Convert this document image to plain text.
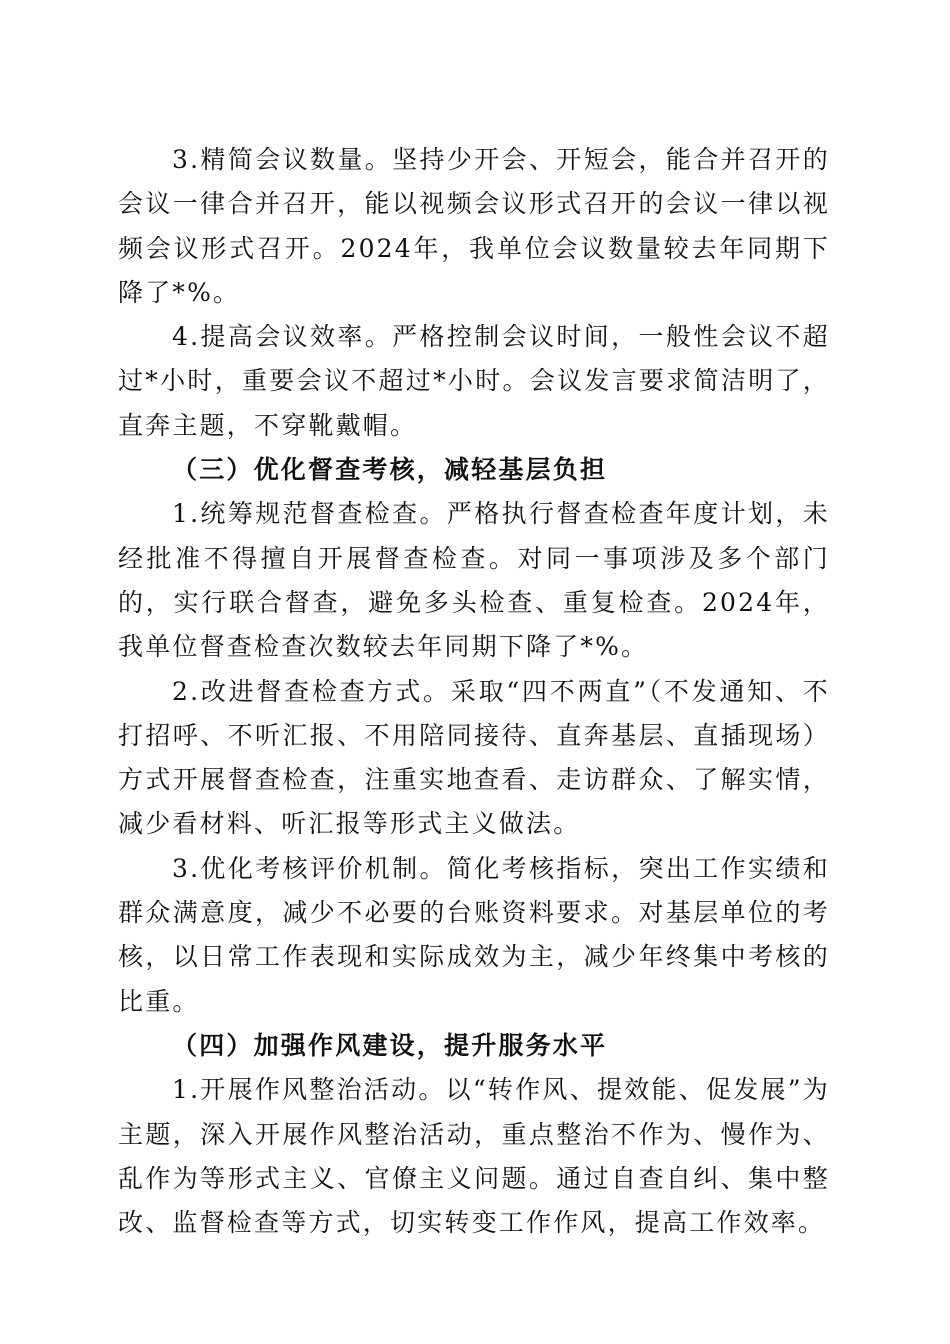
3.精简会议数量。坚持少开会、开短会，能合并召开的会议一律合并召开，能以视频会议形式召开的会议一律以视频会议形式召开。2024年，我单位会议数量较去年同期下降了*%。

4.提高会议效率。严格控制会议时间，一般性会议不超过*小时，重要会议不超过*小时。会议发言要求简洁明了，直奔主题，不穿靴戴帽。

（三）优化督查考核，减轻基层负担

1.统筹规范督查检查。严格执行督查检查年度计划，未经批准不得擅自开展督查检查。对同一事项涉及多个部门的，实行联合督查，避免多头检查、重复检查。2024年，我单位督查检查次数较去年同期下降了*%。

2.改进督查检查方式。采取“四不两直”（不发通知、不打招呼、不听汇报、不用陪同接待、直奔基层、直插现场）方式开展督查检查，注重实地查看、走访群众、了解实情，减少看材料、听汇报等形式主义做法。

3.优化考核评价机制。简化考核指标，突出工作实绩和群众满意度，减少不必要的台账资料要求。对基层单位的考核，以日常工作表现和实际成效为主，减少年终集中考核的比重。

（四）加强作风建设，提升服务水平

1.开展作风整治活动。以“转作风、提效能、促发展”为主题，深入开展作风整治活动，重点整治不作为、慢作为、乱作为等形式主义、官僚主义问题。通过自查自纠、集中整改、监督检查等方式，切实转变工作作风，提高工作效率。
